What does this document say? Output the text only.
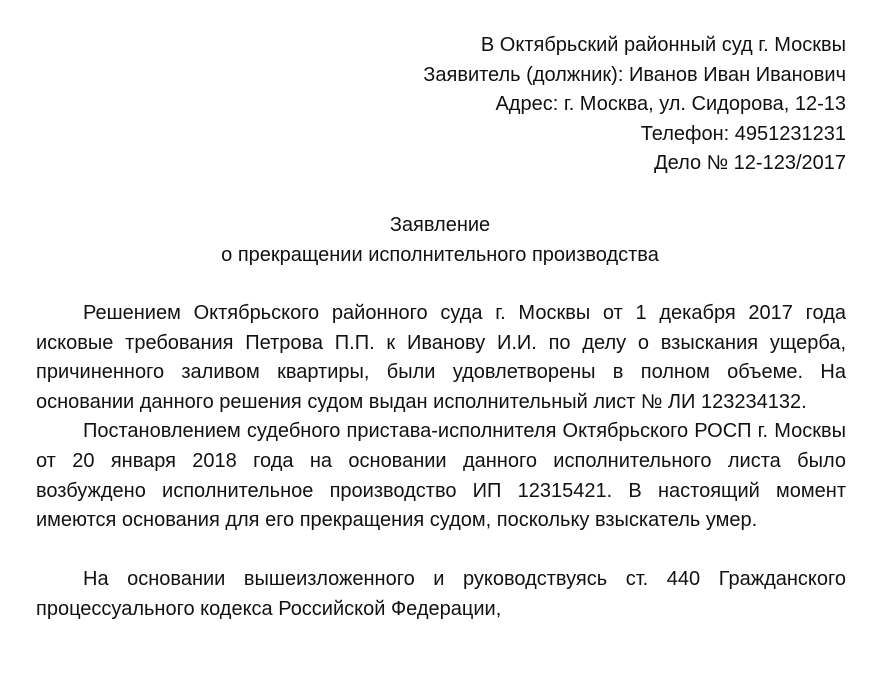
В Октябрьский районный суд г. Москвы
Заявитель (должник): Иванов Иван Иванович
Адрес: г. Москва, ул. Сидорова, 12-13
Телефон: 4951231231
Дело № 12-123/2017
Заявление
о прекращении исполнительного производства

Решением Октябрьского районного суда г. Москвы от 1 декабря 2017 года исковые требования Петрова П.П. к Иванову И.И. по делу о взыскания ущерба, причиненного заливом квартиры, были удовлетворены в полном объеме. На основании данного решения судом выдан исполнительный лист № ЛИ 123234132.

Постановлением судебного пристава-исполнителя Октябрьского РОСП г. Москвы от 20 января 2018 года на основании данного исполнительного листа было возбуждено исполнительное производство ИП 12315421. В настоящий момент имеются основания для его прекращения судом, поскольку взыскатель умер.

На основании вышеизложенного и руководствуясь ст. 440 Гражданского процессуального кодекса Российской Федерации,
